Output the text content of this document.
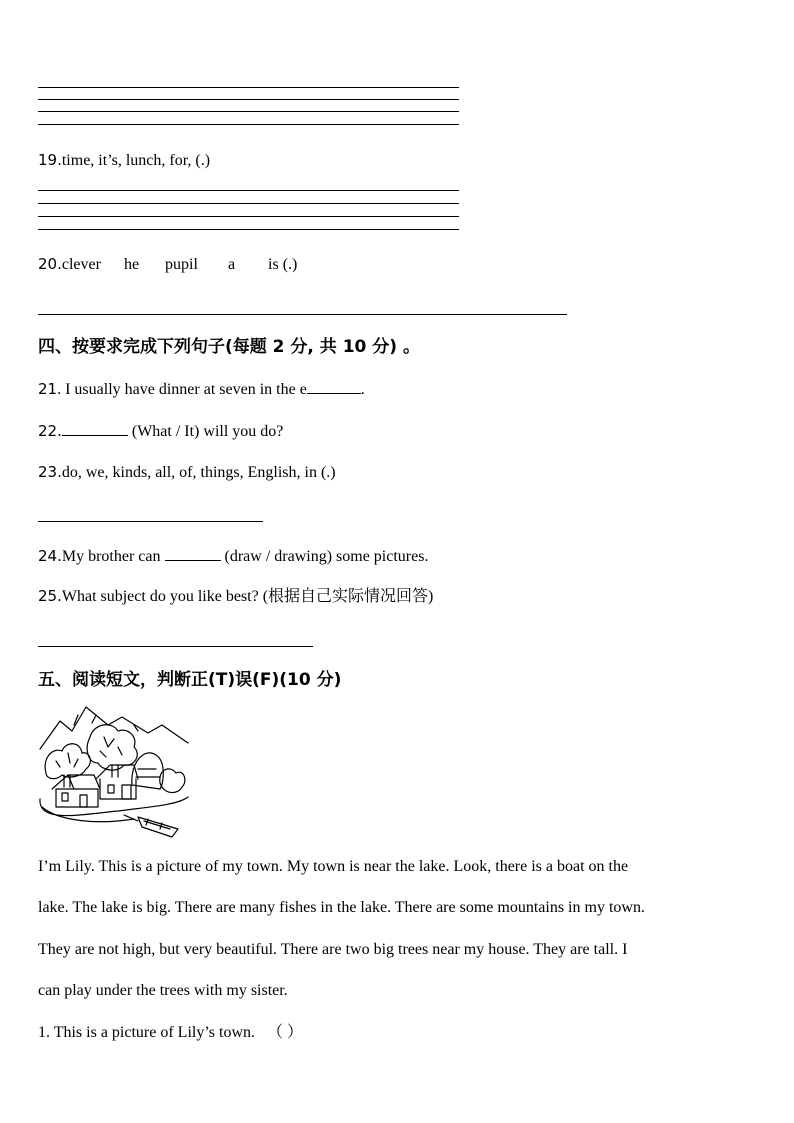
19.time, it’s, lunch, for, (.)
20.clever he pupil a is (.)
四、按要求完成下列句子(每题 2 分, 共 10 分) 。
21. I usually have dinner at seven in the e	.
22.	(What / It) will you do?
23.do, we, kinds, all, of, things, English, in (.)
24.My brother can	(draw / drawing) some pictures.
25.What subject do you like best? (根据自己实际情况回答)
五、阅读短文，判断正(T)误(F)(10 分)
I’m Lily. This is a picture of my town. My town is near the lake. Look, there is a boat on the
lake. The lake is big. There are many fishes in the lake. There are some mountains in my town.
They are not high, but very beautiful. There are two big trees near my house. They are tall. I
can play under the trees with my sister.
1. This is a picture of Lily’s town. （ ）
